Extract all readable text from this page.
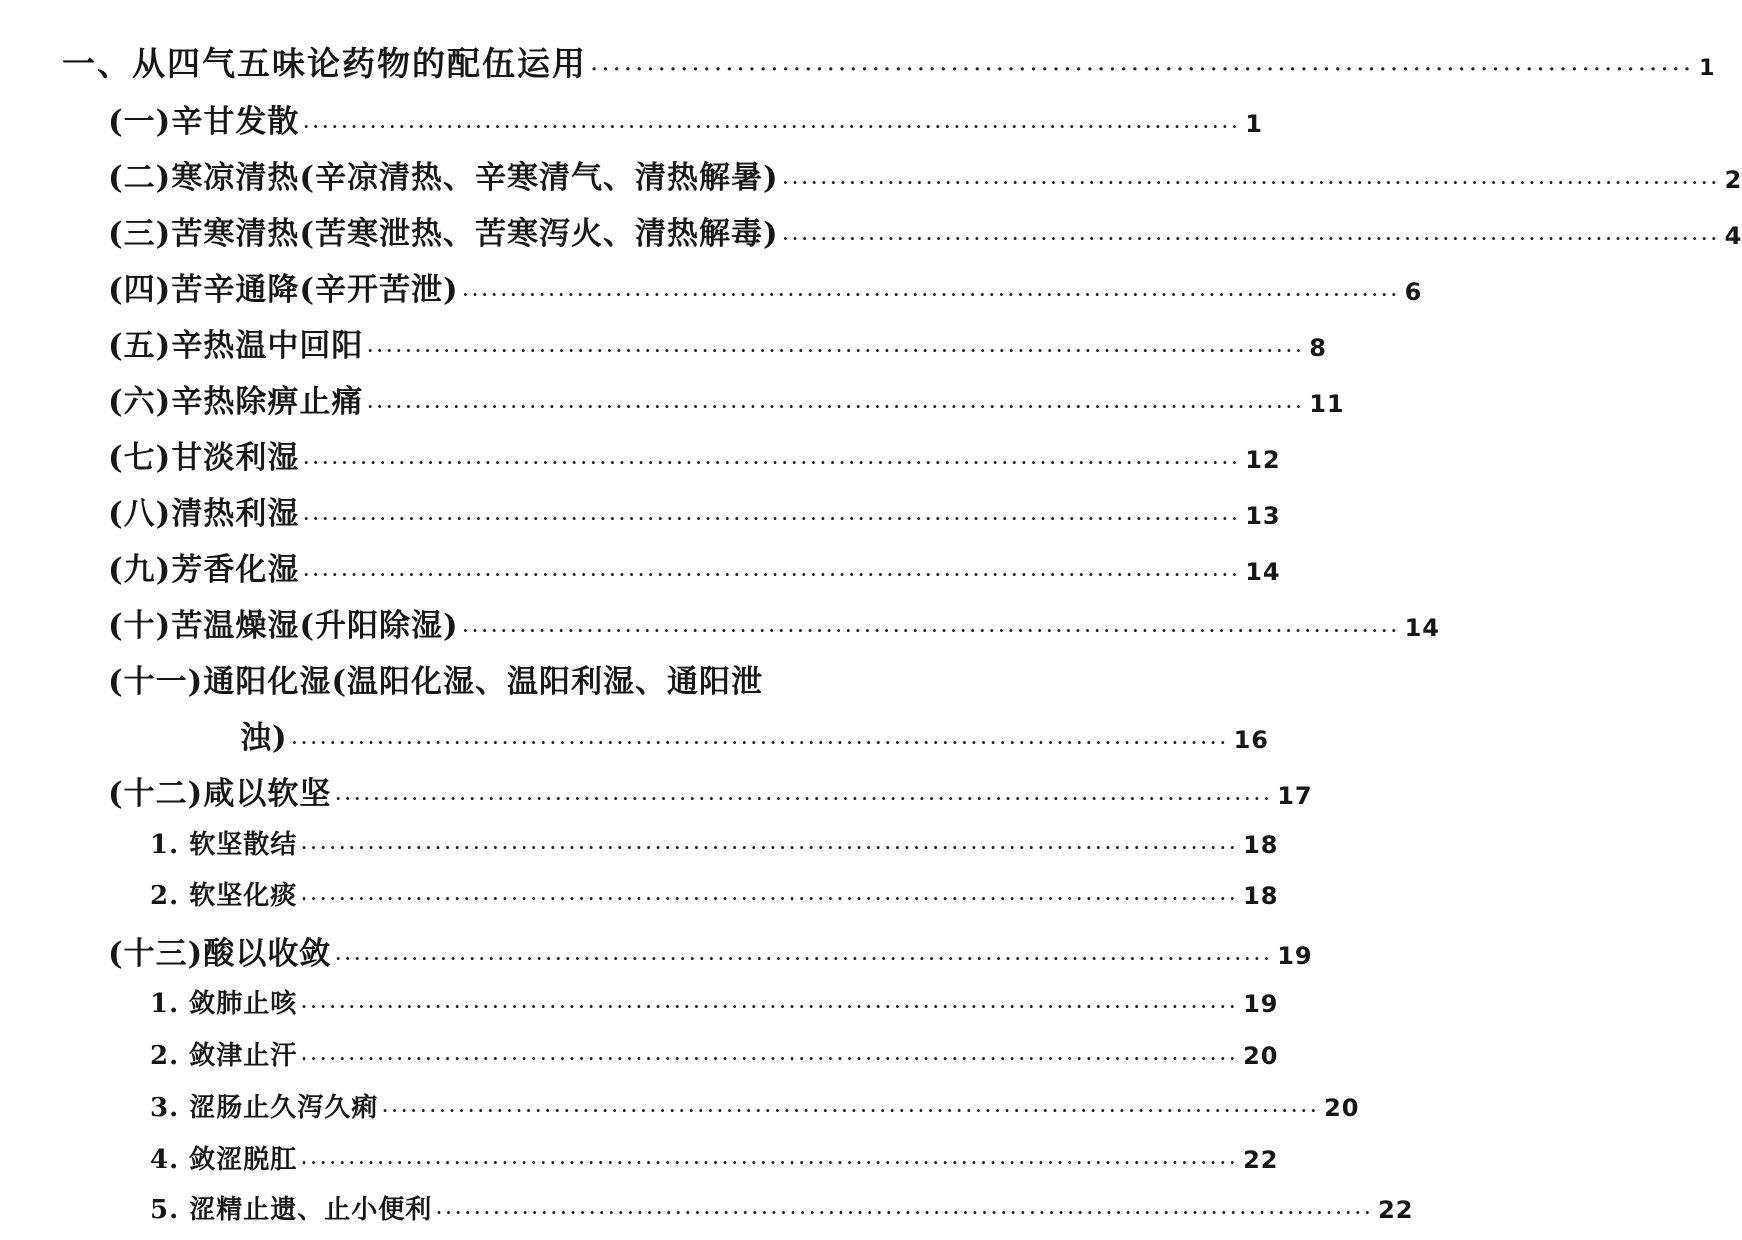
一、从四气五味论药物的配伍运用 ·································································································· 1
(一)辛甘发散 ·································································································· 1
(二)寒凉清热(辛凉清热、辛寒清气、清热解暑) ·································································································· 2
(三)苦寒清热(苦寒泄热、苦寒泻火、清热解毒) ·································································································· 4
(四)苦辛通降(辛开苦泄) ·································································································· 6
(五)辛热温中回阳 ·································································································· 8
(六)辛热除痹止痛 ·································································································· 11
(七)甘淡利湿 ·································································································· 12
(八)清热利湿 ·································································································· 13
(九)芳香化湿 ·································································································· 14
(十)苦温燥湿(升阳除湿) ·································································································· 14
(十一)通阳化湿(温阳化湿、温阳利湿、通阳泄
浊) ·································································································· 16
(十二)咸以软坚 ·································································································· 17
1. 软坚散结 ·································································································· 18
2. 软坚化痰 ·································································································· 18
(十三)酸以收敛 ·································································································· 19
1. 敛肺止咳 ·································································································· 19
2. 敛津止汗 ·································································································· 20
3. 涩肠止久泻久痢 ·································································································· 20
4. 敛涩脱肛 ·································································································· 22
5. 涩精止遗、止小便利 ·································································································· 22
